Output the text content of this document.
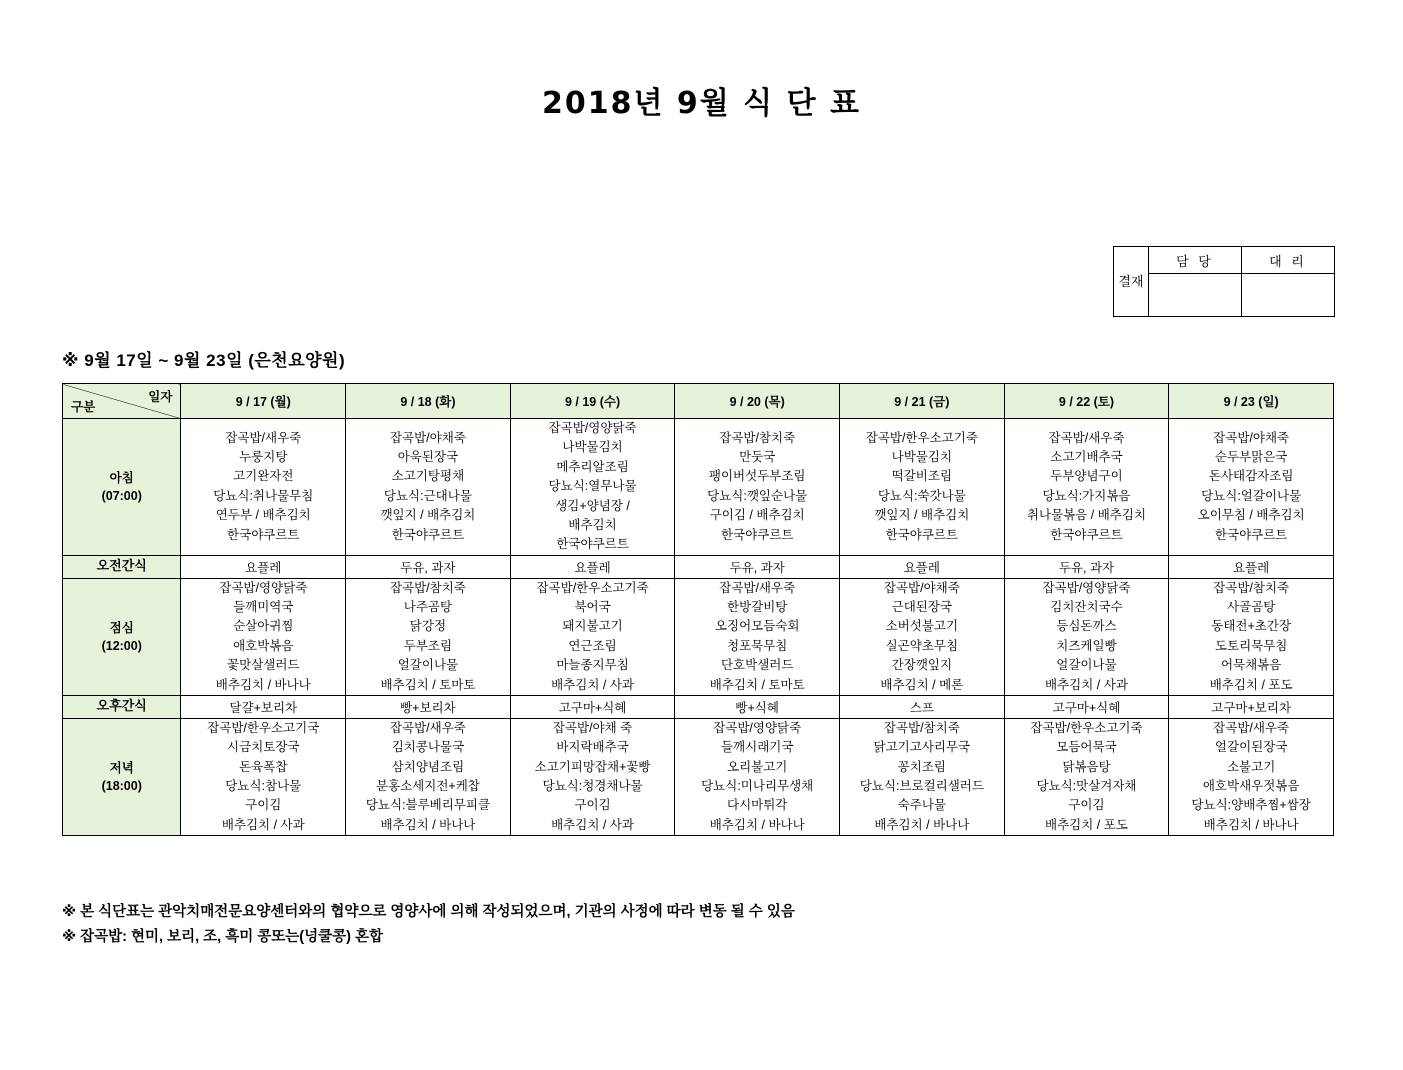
2018년 9월 식 단 표
결재
담 당	대 리
※ 9월 17일 ~ 9월 23일 (은천요양원)
일자
구분	9 / 17 (월)	9 / 18 (화)	9 / 19 (수)	9 / 20 (목)	9 / 21 (금)	9 / 22 (토)	9 / 23 (일)

아침
(07:00)

잡곡밥/새우죽
누룽지탕
고기완자전
당뇨식:취나물무침
연두부 / 배추김치
한국야쿠르트

잡곡밥/야채죽
아욱된장국
소고기탕평채
당뇨식:근대나물
깻잎지 / 배추김치
한국야쿠르트

잡곡밥/영양닭죽
나박물김치
메추리알조림
당뇨식:열무나물
생김+양념장 /
배추김치
한국야쿠르트

잡곡밥/참치죽
만둣국
팽이버섯두부조림
당뇨식:깻잎순나물
구이김 / 배추김치
한국야쿠르트

잡곡밥/한우소고기죽
나박물김치
떡갈비조림
당뇨식:쑥갓나물
깻잎지 / 배추김치
한국야쿠르트

잡곡밥/새우죽
소고기배추국
두부양념구이
당뇨식:가지볶음
취나물볶음 / 배추김치
한국야쿠르트

잡곡밥/야채죽
순두부맑은국
돈사태감자조림
당뇨식:얼갈이나물
오이무침 / 배추김치
한국야쿠르트

오전간식	요플레	두유, 과자	요플레	두유, 과자	요플레	두유, 과자	요플레

점심
(12:00)

잡곡밥/영양닭죽
들깨미역국
순살아귀찜
애호박볶음
꽃맛살샐러드
배추김치 / 바나나

잡곡밥/참치죽
나주곰탕
닭강정
두부조림
얼갈이나물
배추김치 / 토마토

잡곡밥/한우소고기죽
북어국
돼지불고기
연근조림
마늘종지무침
배추김치 / 사과

잡곡밥/새우죽
한방갈비탕
오징어모듬숙회
청포묵무침
단호박샐러드
배추김치 / 토마토

잡곡밥/야채죽
근대된장국
소버섯불고기
실곤약초무침
간장깻잎지
배추김치 / 메론

잡곡밥/영양닭죽
김치잔치국수
등심돈까스
치즈케일빵
얼갈이나물
배추김치 / 사과

잡곡밥/참치죽
사골곰탕
동태전+초간장
도토리묵무침
어묵채볶음
배추김치 / 포도

오후간식	달걀+보리차	빵+보리차	고구마+식혜	빵+식혜	스프	고구마+식혜	고구마+보리차

저녁
(18:00)

잡곡밥/한우소고기국
시금치토장국
돈육폭찹
당뇨식:참나물
구이김
배추김치 / 사과

잡곡밥/새우죽
김치콩나물국
삼치양념조림
분홍소세지전+케찹
당뇨식:블루베리무피클
배추김치 / 바나나

잡곡밥/야채 죽
바지락배추국
소고기피망잡채+꽃빵
당뇨식:청경채나물
구이김
배추김치 / 사과

잡곡밥/영양닭죽
들깨시래기국
오리불고기
당뇨식:미나리무생채
다시마튀각
배추김치 / 바나나

잡곡밥/참치죽
닭고기고사리무국
꽁치조림
당뇨식:브로컬리샐러드
숙주나물
배추김치 / 바나나

잡곡밥/한우소고기죽
모듬어묵국
닭볶음탕
당뇨식:맛살겨자채
구이김
배추김치 / 포도

잡곡밥/새우죽
얼갈이된장국
소불고기
애호박새우젓볶음
당뇨식:양배추찜+쌈장
배추김치 / 바나나
※ 본 식단표는 관악치매전문요양센터와의 협약으로 영양사에 의해 작성되었으며, 기관의 사정에 따라 변동 될 수 있음
※ 잡곡밥: 현미, 보리, 조, 흑미 콩또는(넝쿨콩) 혼합
